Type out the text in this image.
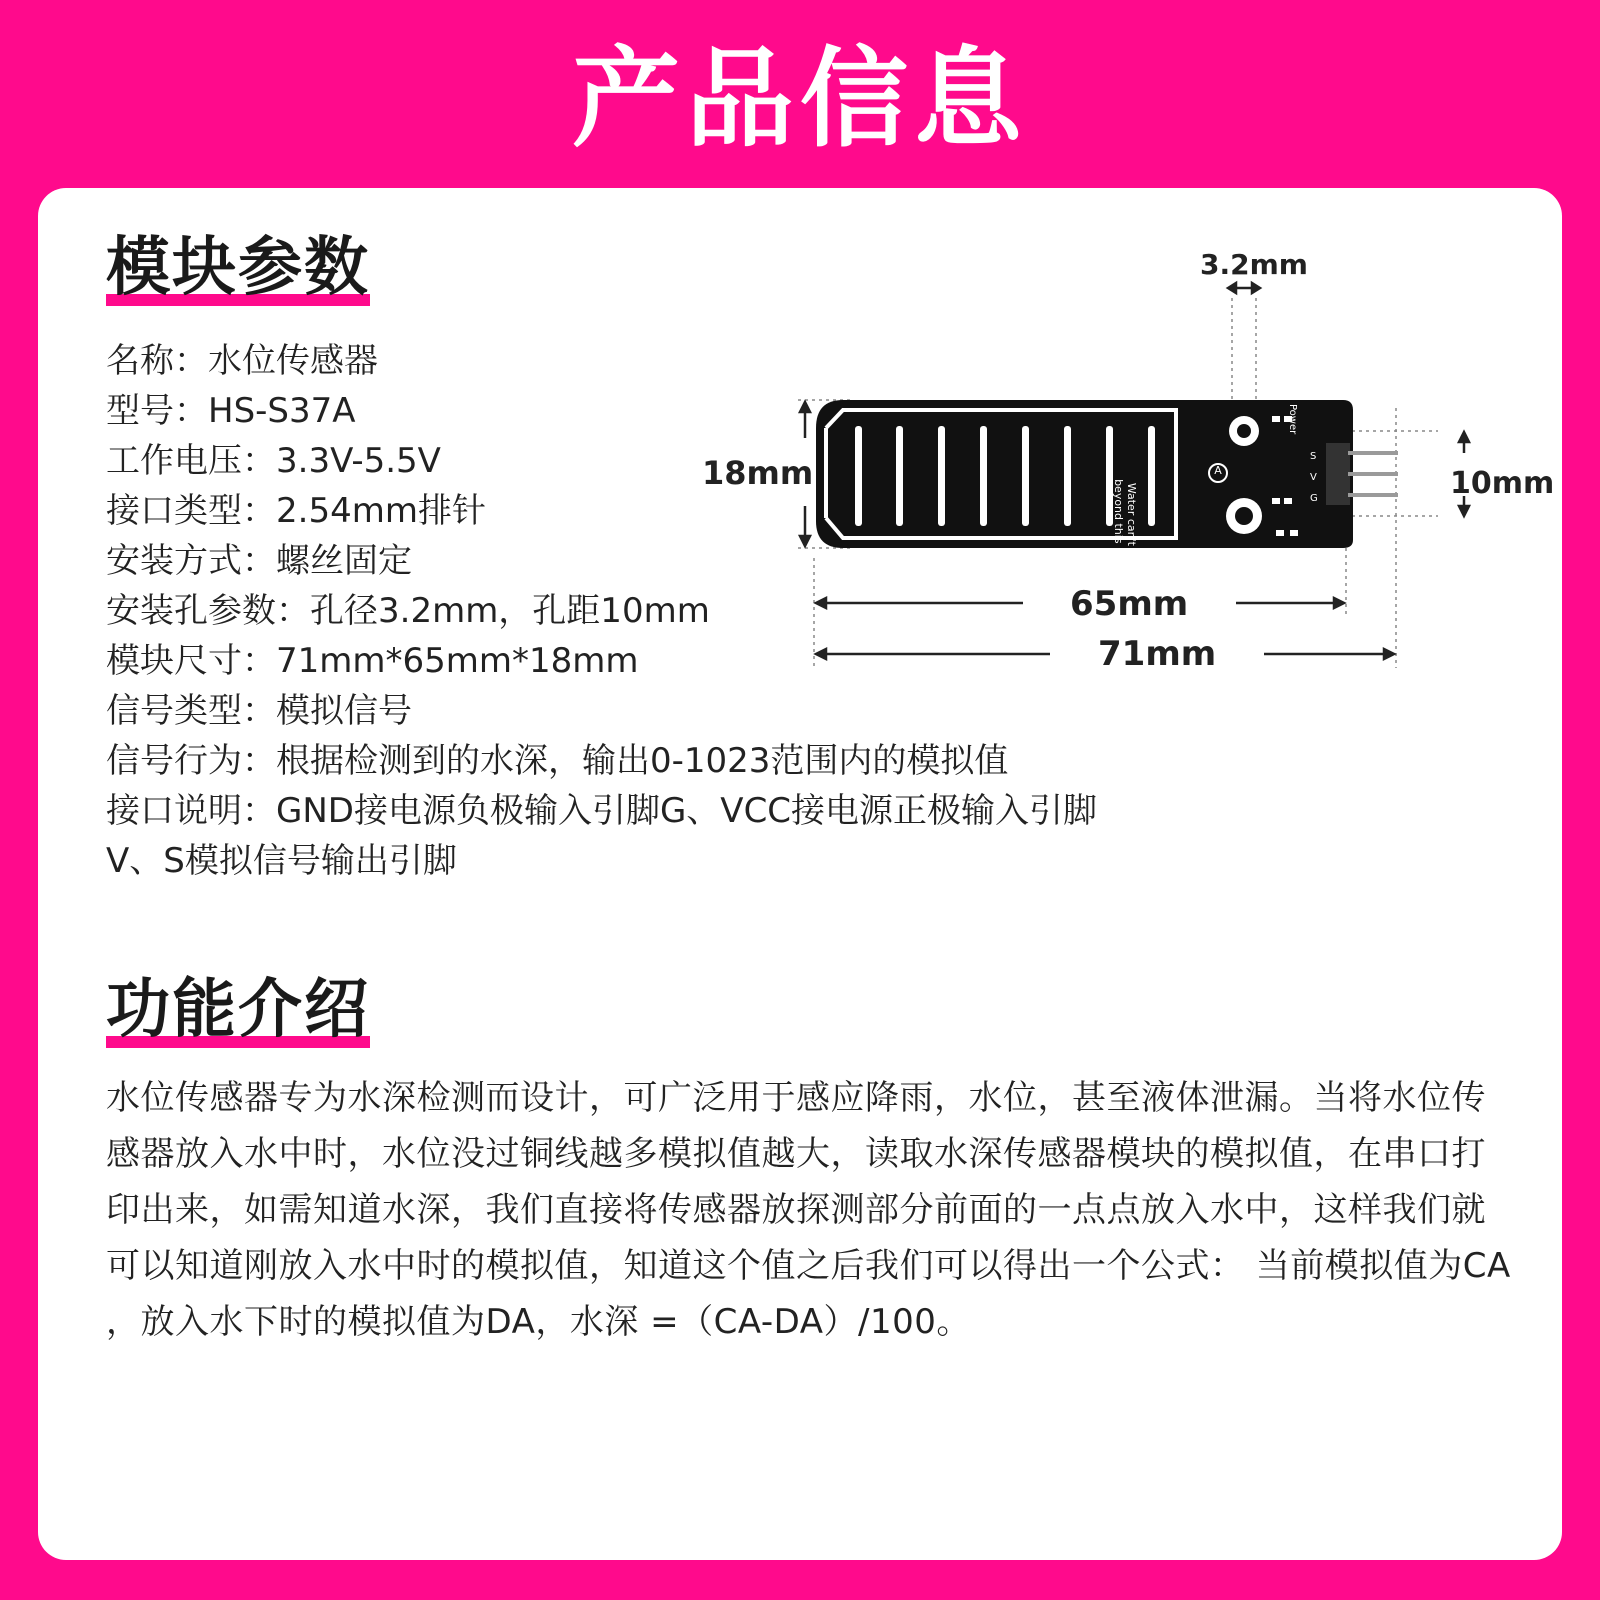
产品信息
模块参数
名称：水位传感器
型号：HS-S37A
工作电压：3.3V-5.5V
接口类型：2.54mm排针
安装方式：螺丝固定
安装孔参数：孔径3.2mm，孔距10mm
模块尺寸：71mm*65mm*18mm
信号类型：模拟信号
信号行为：根据检测到的水深，输出0-1023范围内的模拟值
接口说明：GND接电源负极输入引脚G、VCC接电源正极输入引脚V、S模拟信号输出引脚
3.2mm
18mm	10mm
65mm
71mm
Water can't go
beyond this line
A
Power
S
V
G
功能介绍
水位传感器专为水深检测而设计，可广泛用于感应降雨，水位，甚至液体泄漏。当将水位传感器放入水中时，水位没过铜线越多模拟值越大，读取水深传感器模块的模拟值，在串口打印出来，如需知道水深，我们直接将传感器放探测部分前面的一点点放入水中，这样我们就可以知道刚放入水中时的模拟值，知道这个值之后我们可以得出一个公式： 当前模拟值为CA ，放入水下时的模拟值为DA，水深 =（CA-DA）/100。
